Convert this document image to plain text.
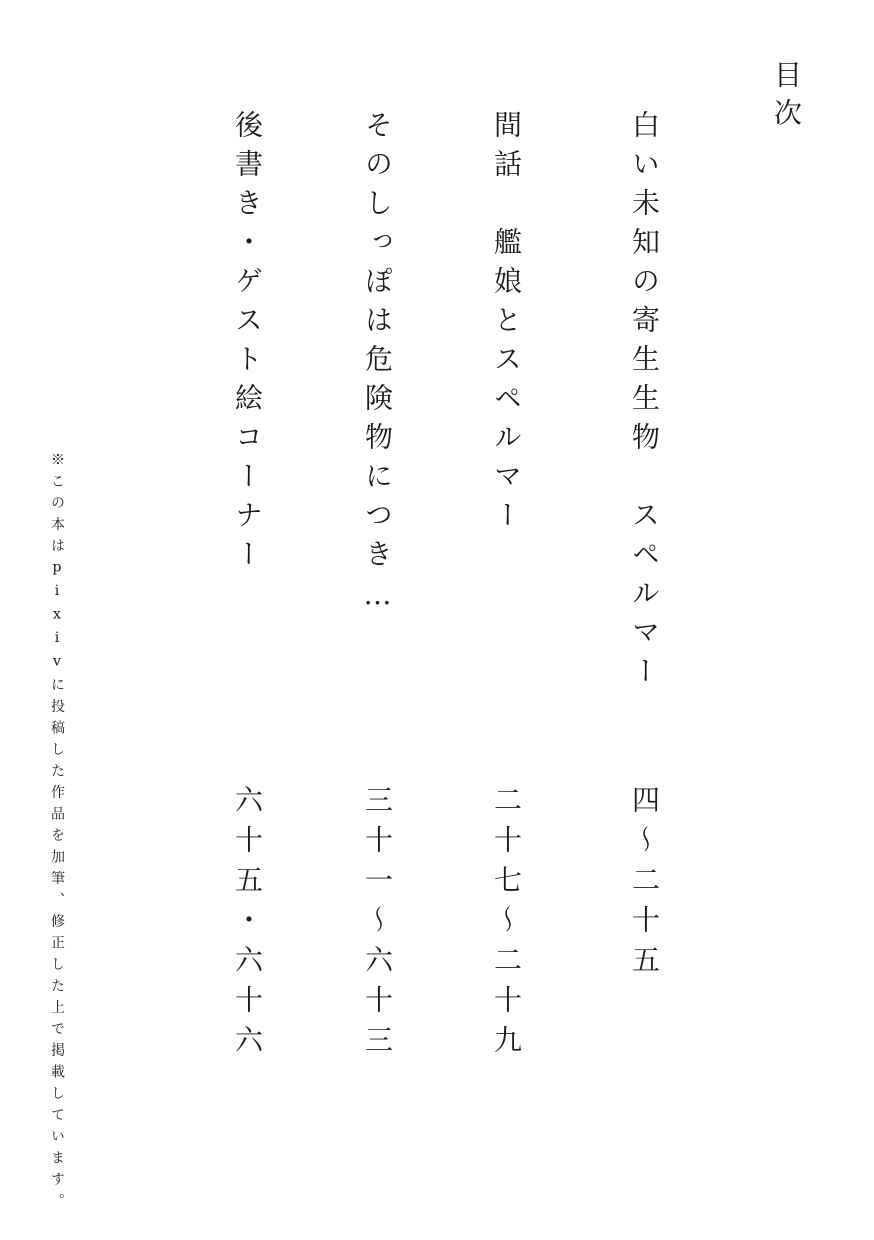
目次
白い未知の寄生生物　スペルマー
四〜二十五
間話　艦娘とスペルマー
二十七〜二十九
そのしっぽは危険物につき…
三十一〜六十三
後書き・ゲスト絵コーナー
六十五・六十六
※この本はpixivに投稿した作品を加筆、修正した上で掲載しています。
